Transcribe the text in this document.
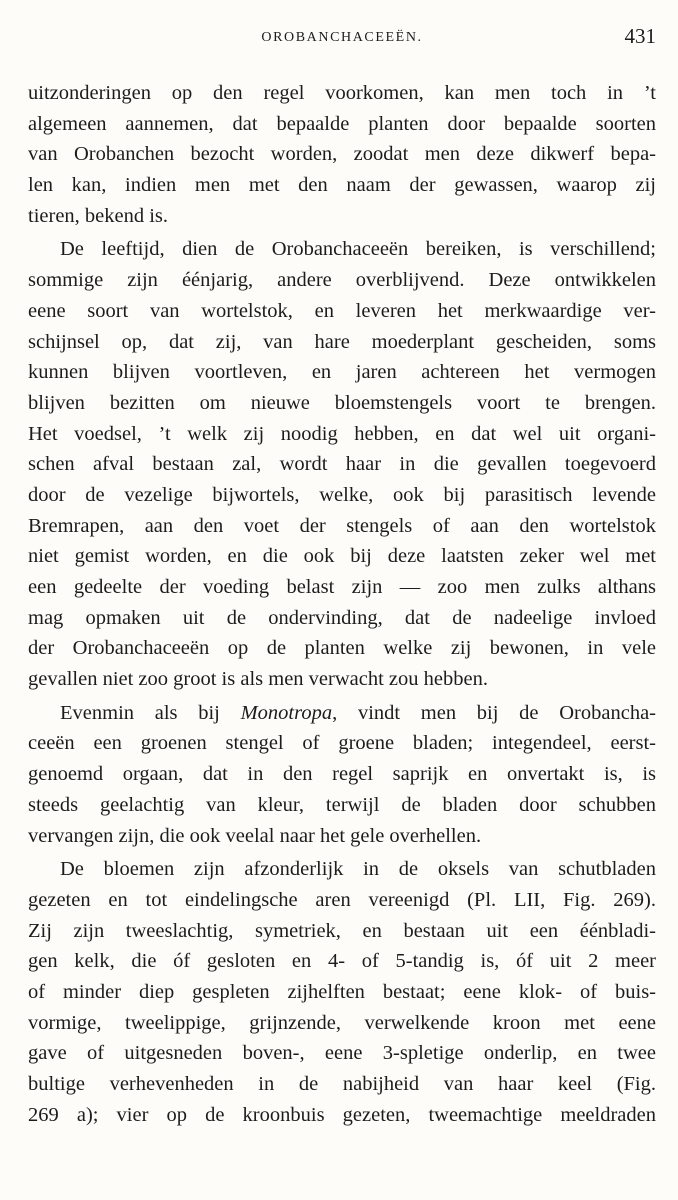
OROBANCHACEEËN.	431
uitzonderingen op den regel voorkomen, kan men toch in ’t
algemeen aannemen, dat bepaalde planten door bepaalde soorten
van Orobanchen bezocht worden, zoodat men deze dikwerf bepa-
len kan, indien men met den naam der gewassen, waarop zij
tieren, bekend is.
De leeftijd, dien de Orobanchaceeën bereiken, is verschillend;
sommige zijn éénjarig, andere overblijvend. Deze ontwikkelen
eene soort van wortelstok, en leveren het merkwaardige ver-
schijnsel op, dat zij, van hare moederplant gescheiden, soms
kunnen blijven voortleven, en jaren achtereen het vermogen
blijven bezitten om nieuwe bloemstengels voort te brengen.
Het voedsel, ’t welk zij noodig hebben, en dat wel uit organi-
schen afval bestaan zal, wordt haar in die gevallen toegevoerd
door de vezelige bijwortels, welke, ook bij parasitisch levende
Bremrapen, aan den voet der stengels of aan den wortelstok
niet gemist worden, en die ook bij deze laatsten zeker wel met
een gedeelte der voeding belast zijn — zoo men zulks althans
mag opmaken uit de ondervinding, dat de nadeelige invloed
der Orobanchaceeën op de planten welke zij bewonen, in vele
gevallen niet zoo groot is als men verwacht zou hebben.
Evenmin als bij Monotropa, vindt men bij de Orobancha-
ceeën een groenen stengel of groene bladen; integendeel, eerst-
genoemd orgaan, dat in den regel saprijk en onvertakt is, is
steeds geelachtig van kleur, terwijl de bladen door schubben
vervangen zijn, die ook veelal naar het gele overhellen.
De bloemen zijn afzonderlijk in de oksels van schutbladen
gezeten en tot eindelingsche aren vereenigd (Pl. LII, Fig. 269).
Zij zijn tweeslachtig, symetriek, en bestaan uit een éénbladi-
gen kelk, die óf gesloten en 4- of 5-tandig is, óf uit 2 meer
of minder diep gespleten zijhelften bestaat; eene klok- of buis-
vormige, tweelippige, grijnzende, verwelkende kroon met eene
gave of uitgesneden boven-, eene 3-spletige onderlip, en twee
bultige verhevenheden in de nabijheid van haar keel (Fig.
269 a); vier op de kroonbuis gezeten, tweemachtige meeldraden
